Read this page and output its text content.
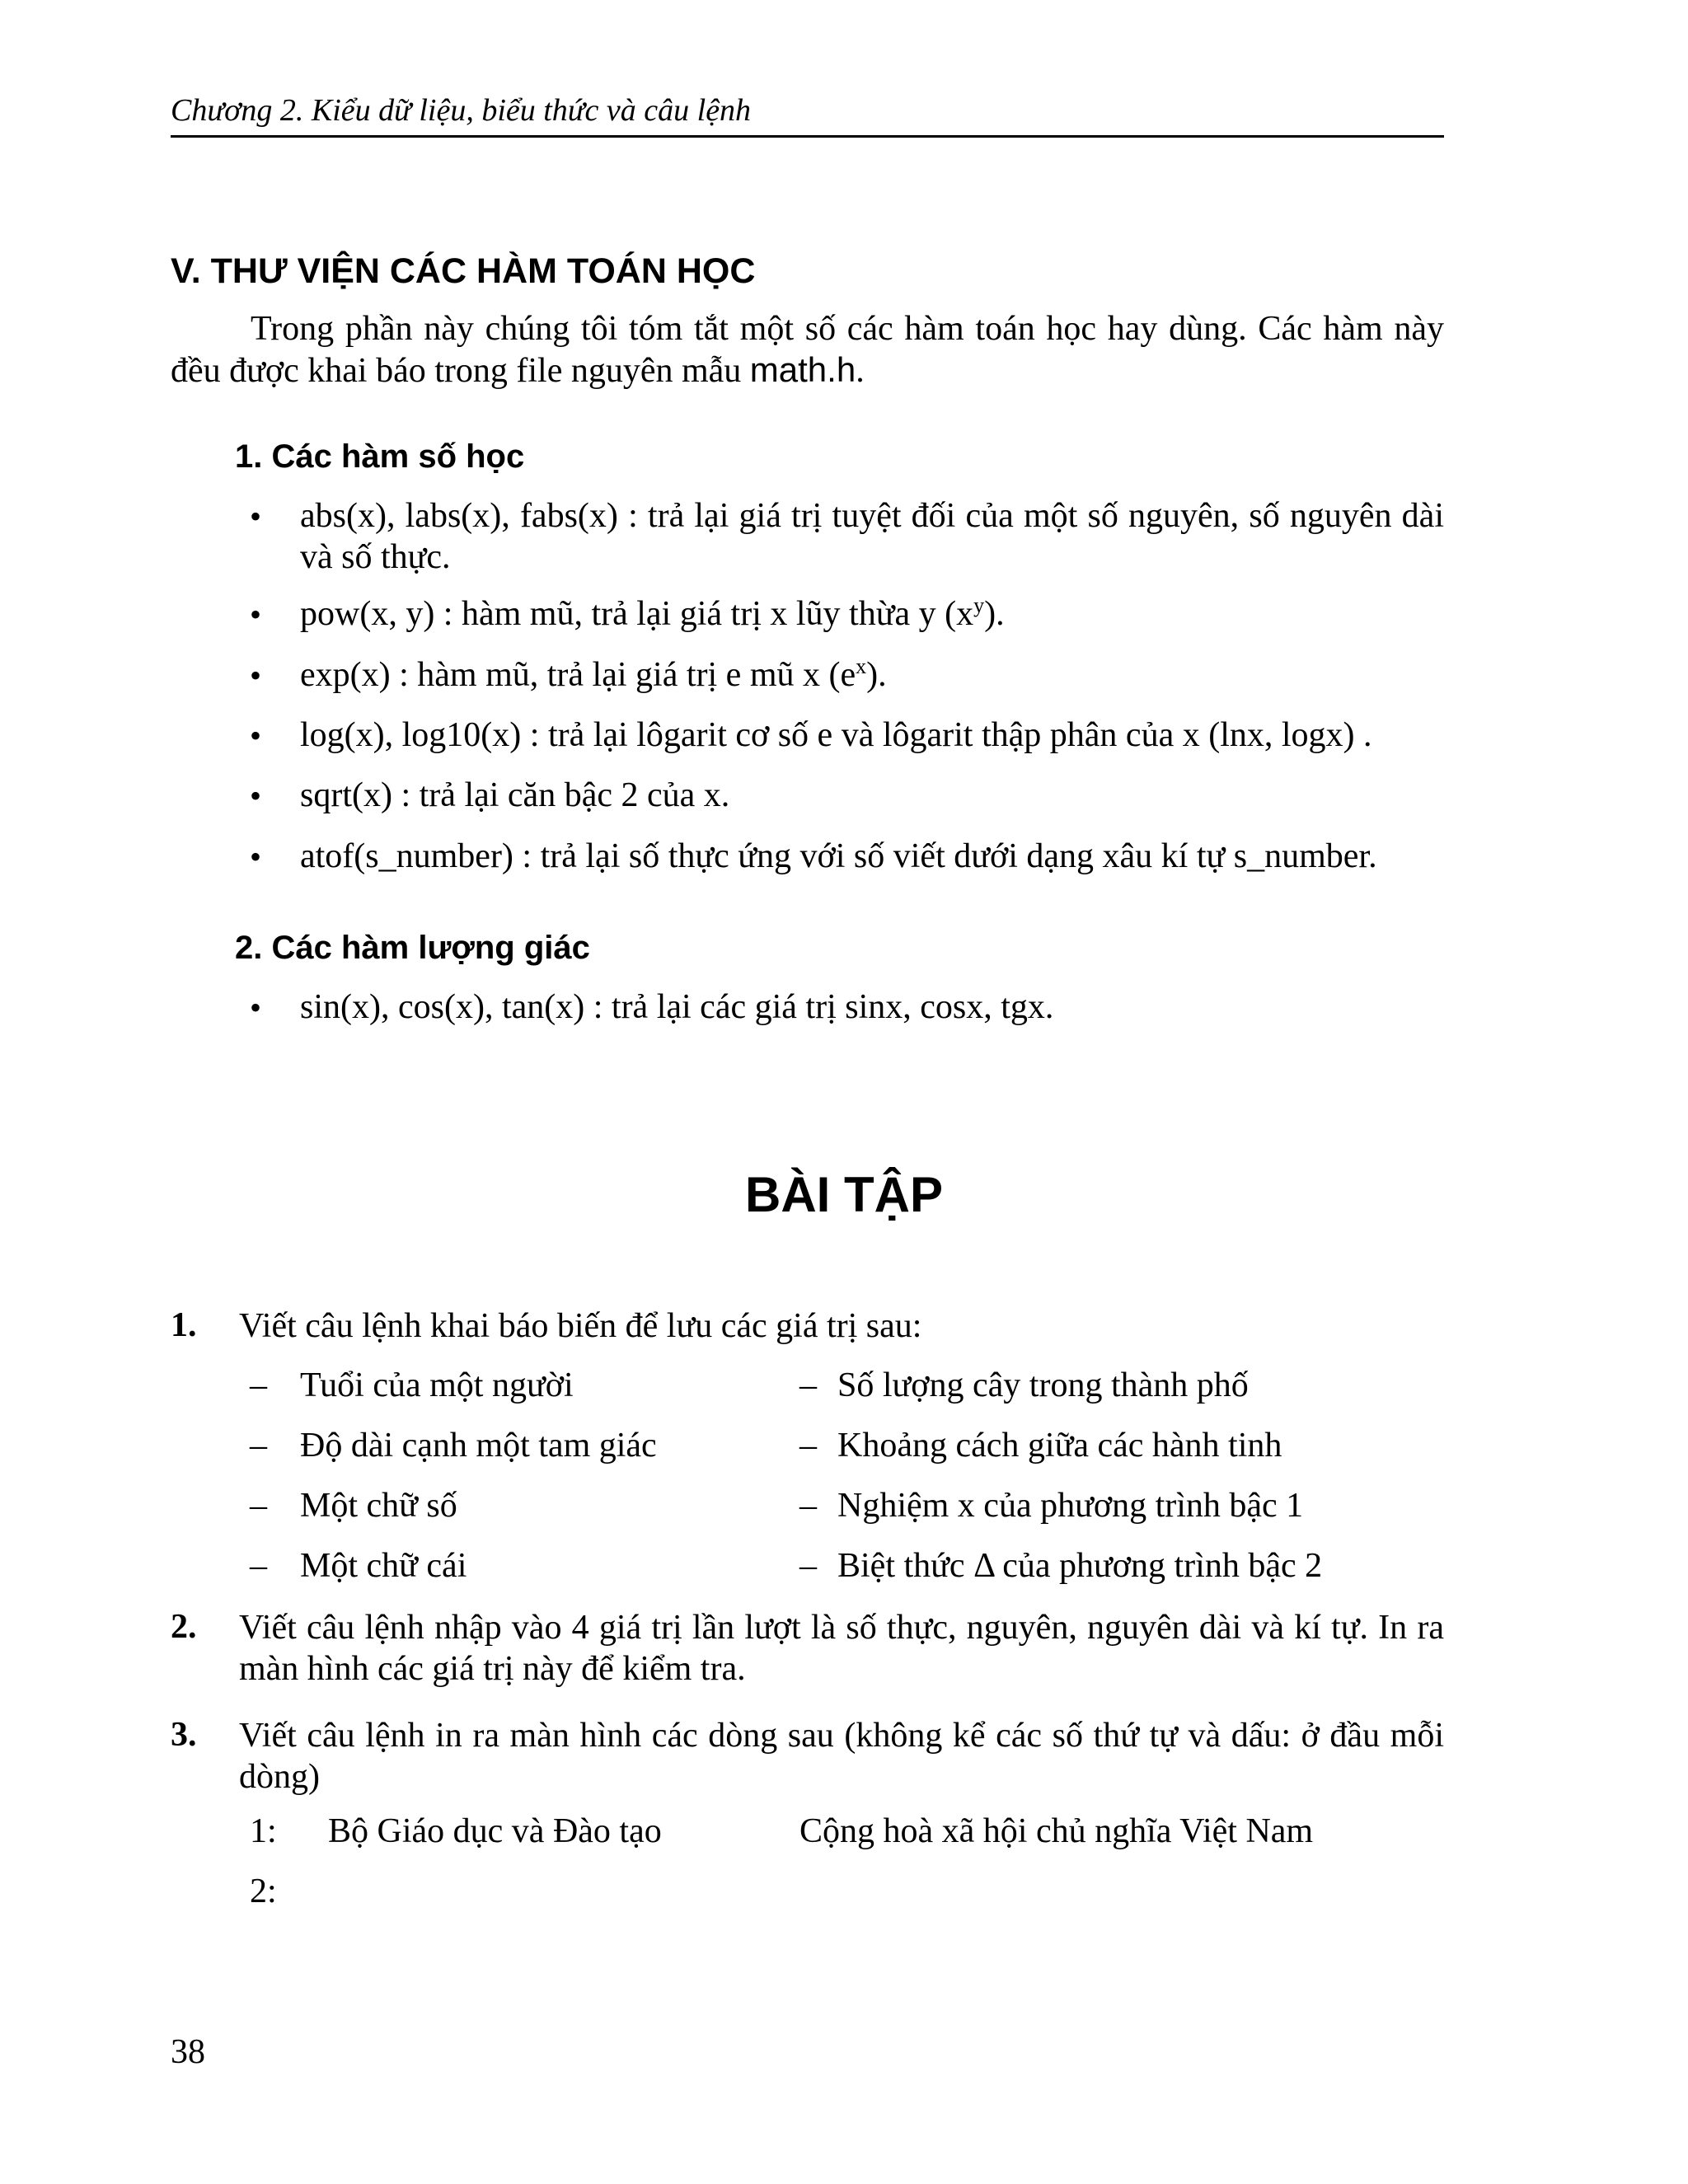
Chương 2. Kiểu dữ liệu, biểu thức và câu lệnh
V. THƯ VIỆN CÁC HÀM TOÁN HỌC
Trong phần này chúng tôi tóm tắt một số các hàm toán học hay dùng. Các hàm này đều được khai báo trong file nguyên mẫu math.h.
1. Các hàm số học
• abs(x), labs(x), fabs(x) : trả lại giá trị tuyệt đối của một số nguyên, số nguyên dài và số thực.
• pow(x, y) : hàm mũ, trả lại giá trị x lũy thừa y $(x^y)$.
• exp(x) : hàm mũ, trả lại giá trị e mũ x $(e^x)$.
• log(x), log10(x) : trả lại lôgarit cơ số e và lôgarit thập phân của x (lnx, logx) .
• sqrt(x) : trả lại căn bậc 2 của x.
• atof(s_number) : trả lại số thực ứng với số viết dưới dạng xâu kí tự s_number.
2. Các hàm lượng giác
• sin(x), cos(x), tan(x) : trả lại các giá trị sinx, cosx, tgx.
BÀI TẬP
1. Viết câu lệnh khai báo biến để lưu các giá trị sau:
– Tuổi của một người	– Số lượng cây trong thành phố
– Độ dài cạnh một tam giác	– Khoảng cách giữa các hành tinh
– Một chữ số	– Nghiệm x của phương trình bậc 1
– Một chữ cái	– Biệt thức Δ của phương trình bậc 2
2. Viết câu lệnh nhập vào 4 giá trị lần lượt là số thực, nguyên, nguyên dài và kí tự. In ra màn hình các giá trị này để kiểm tra.
3. Viết câu lệnh in ra màn hình các dòng sau (không kể các số thứ tự và dấu: ở đầu mỗi dòng)
1: Bộ Giáo dục và Đào tạo	Cộng hoà xã hội chủ nghĩa Việt Nam
2:
38
